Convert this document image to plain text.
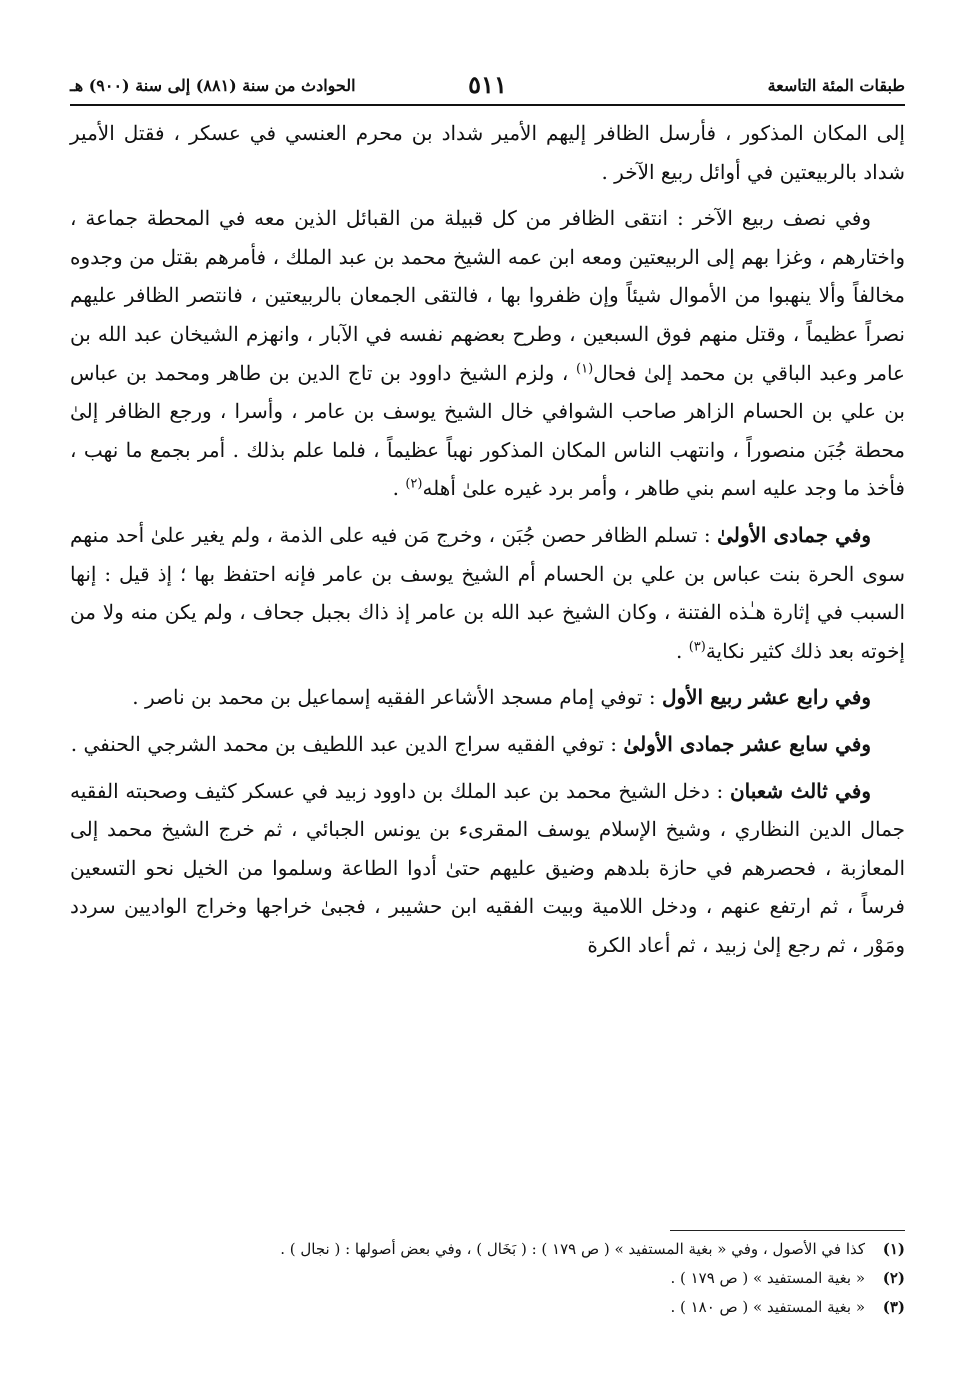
طبقات المئة التاسعة
٥١١
الحوادث من سنة (٨٨١) إلى سنة (٩٠٠) هـ

إلى المكان المذكور ، فأرسل الظافر إليهم الأمير شداد بن محرم العنسي في عسكر ، فقتل الأمير شداد بالربيعتين في أوائل ربيع الآخر .

وفي نصف ربيع الآخر : انتقى الظافر من كل قبيلة من القبائل الذين معه في المحطة جماعة ، واختارهم ، وغزا بهم إلى الربيعتين ومعه ابن عمه الشيخ محمد بن عبد الملك ، فأمرهم بقتل من وجدوه مخالفاً وألا ينهبوا من الأموال شيئاً وإن ظفروا بها ، فالتقى الجمعان بالربيعتين ، فانتصر الظافر عليهم نصراً عظيماً ، وقتل منهم فوق السبعين ، وطرح بعضهم نفسه في الآبار ، وانهزم الشيخان عبد الله بن عامر وعبد الباقي بن محمد إلىٰ فحال$^{(١)}$ ، ولزم الشيخ داوود بن تاج الدين بن طاهر ومحمد بن عباس بن علي بن الحسام الزاهر صاحب الشوافي خال الشيخ يوسف بن عامر ، وأسرا ، ورجع الظافر إلىٰ محطة جُبَن منصوراً ، وانتهب الناس المكان المذكور نهباً عظيماً ، فلما علم بذلك . أمر بجمع ما نهب ، فأخذ ما وجد عليه اسم بني طاهر ، وأمر برد غيره علىٰ أهله$^{(٢)}$ .

وفي جمادى الأولىٰ : تسلم الظافر حصن جُبَن ، وخرج مَن فيه على الذمة ، ولم يغير علىٰ أحد منهم سوى الحرة بنت عباس بن علي بن الحسام أم الشيخ يوسف بن عامر فإنه احتفظ بها ؛ إذ قيل : إنها السبب في إثارة هـٰذه الفتنة ، وكان الشيخ عبد الله بن عامر إذ ذاك بجبل جحاف ، ولم يكن منه ولا من إخوته بعد ذلك كثير نكاية$^{(٣)}$ .

وفي رابع عشر ربيع الأول : توفي إمام مسجد الأشاعر الفقيه إسماعيل بن محمد بن ناصر .

وفي سابع عشر جمادى الأولىٰ : توفي الفقيه سراج الدين عبد اللطيف بن محمد الشرجي الحنفي .

وفي ثالث شعبان : دخل الشيخ محمد بن عبد الملك بن داوود زبيد في عسكر كثيف وصحبته الفقيه جمال الدين النظاري ، وشيخ الإسلام يوسف المقرىء بن يونس الجبائي ، ثم خرج الشيخ محمد إلى المعازبة ، فحصرهم في حازة بلدهم وضيق عليهم حتىٰ أدوا الطاعة وسلموا من الخيل نحو التسعين فرساً ، ثم ارتفع عنهم ، ودخل اللامية وبيت الفقيه ابن حشيبر ، فجبىٰ خراجها وخراج الواديين سردد ومَوْر ، ثم رجع إلىٰ زبيد ، ثم أعاد الكرة

(١)
كذا في الأصول ، وفي « بغية المستفيد » ( ص ١٧٩ ) : ( بَخَال ) ، وفي بعض أصولها : ( نجال ) .
(٢)
« بغية المستفيد » ( ص ١٧٩ ) .
(٣)
« بغية المستفيد » ( ص ١٨٠ ) .
